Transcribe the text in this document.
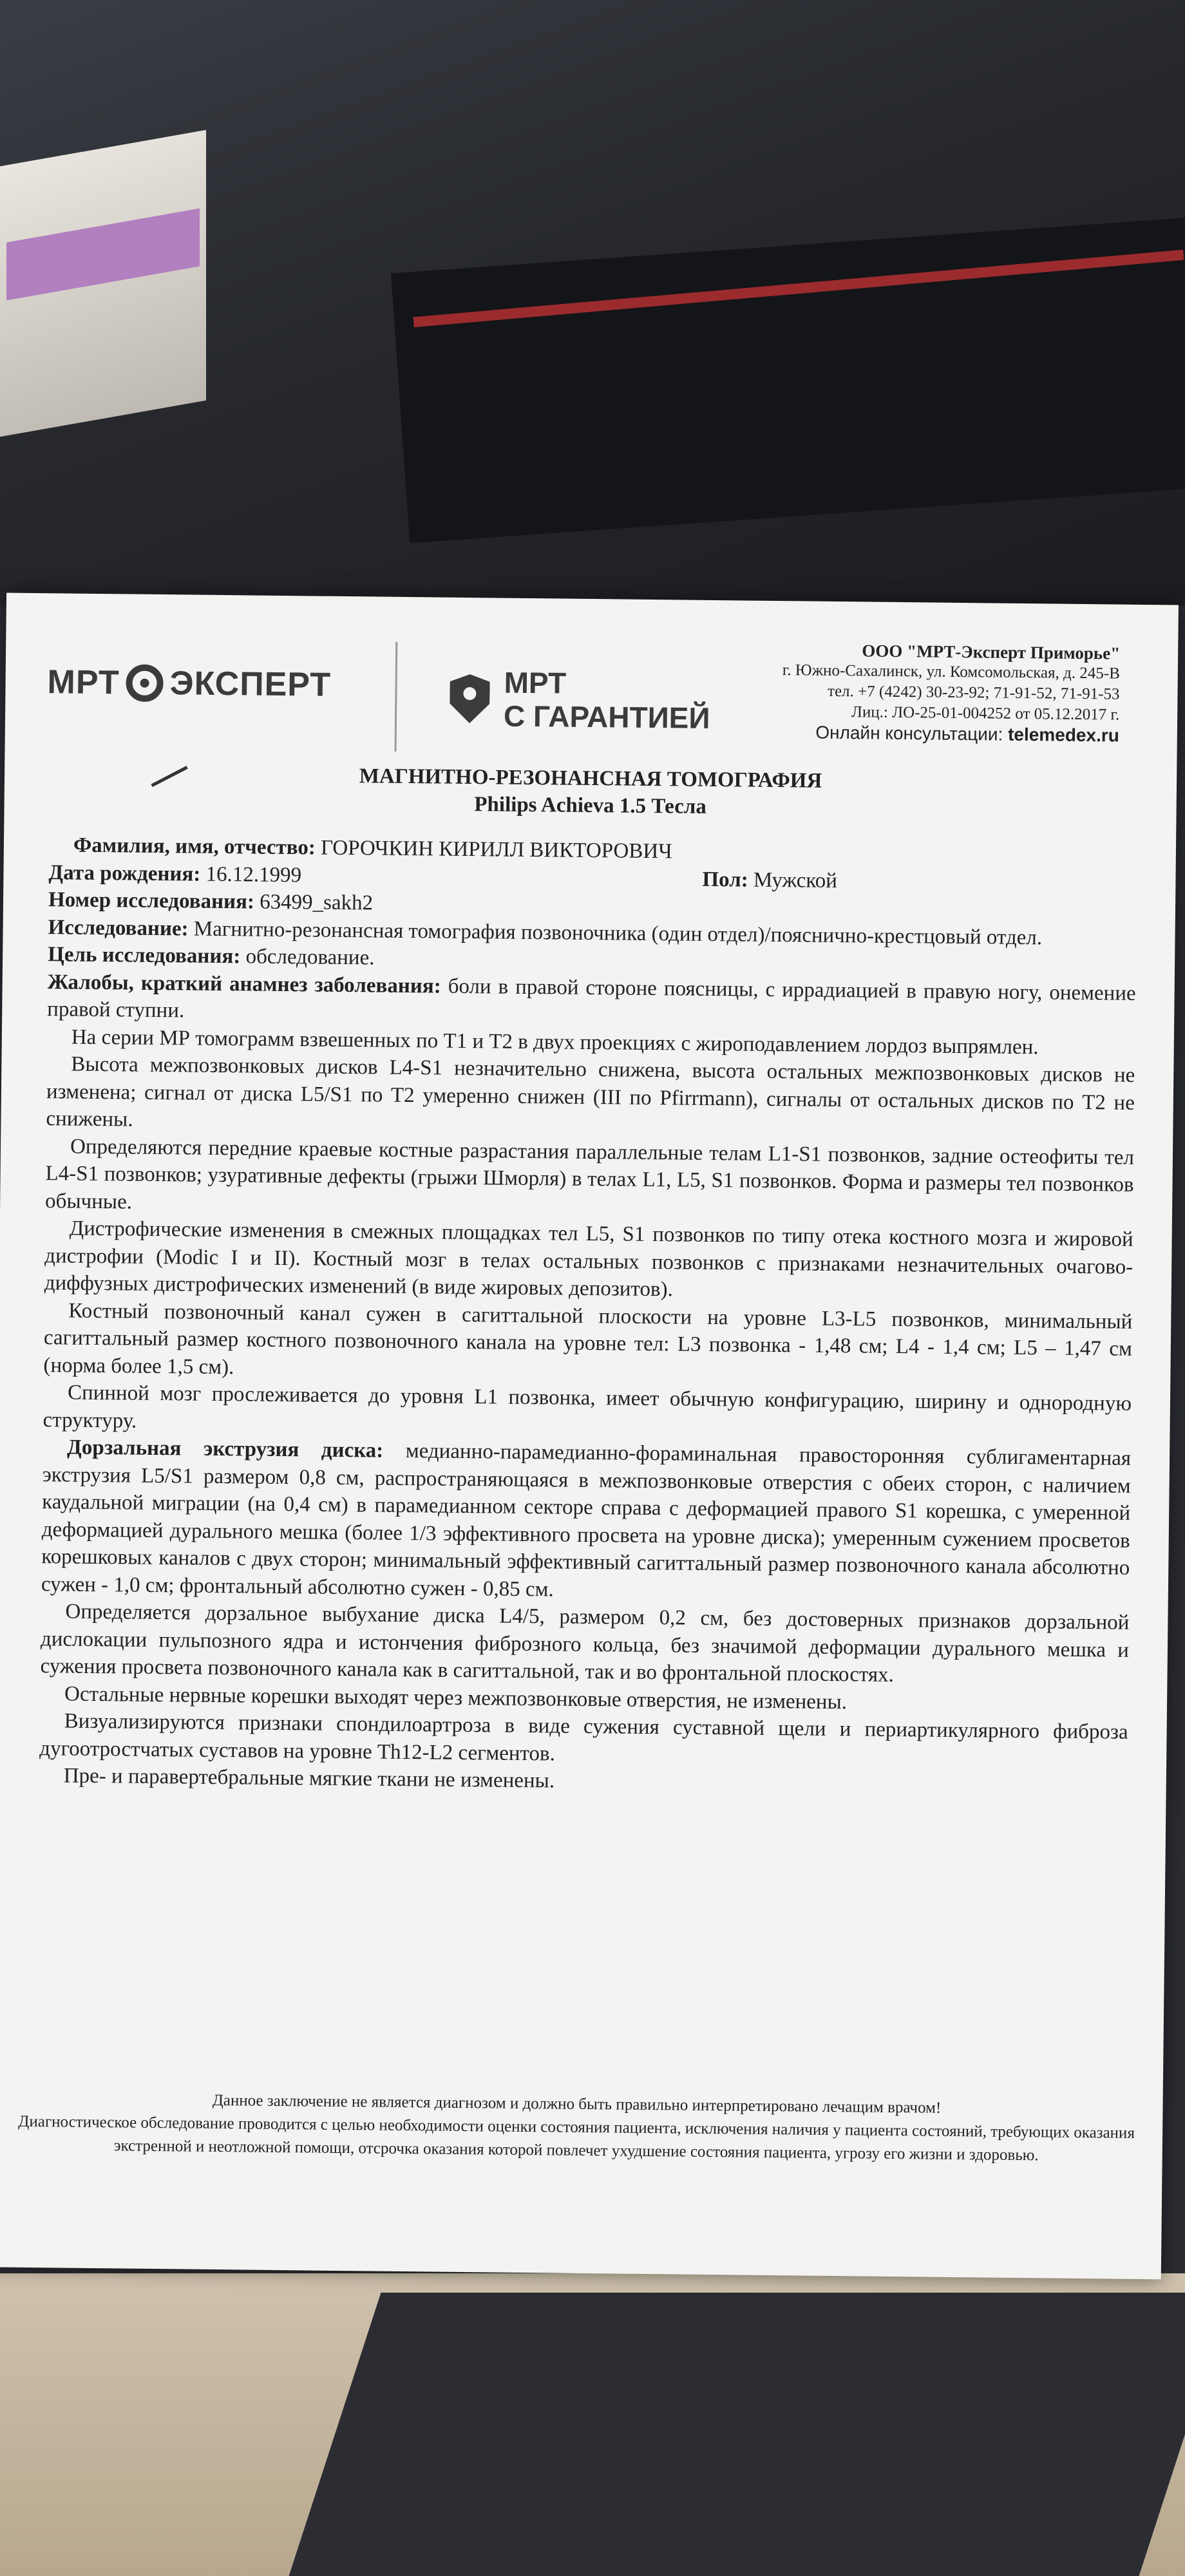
МРТ ЭКСПЕРТ	МРТ
С ГАРАНТИЕЙ
ООО "МРТ-Эксперт Приморье"
г. Южно-Сахалинск, ул. Комсомольская, д. 245-В
тел. +7 (4242) 30-23-92; 71-91-52, 71-91-53
Лиц.: ЛО-25-01-004252 от 05.12.2017 г.
Онлайн консультации: telemedex.ru
МАГНИТНО-РЕЗОНАНСНАЯ ТОМОГРАФИЯ
Philips Achieva 1.5 Тесла

Фамилия, имя, отчество: ГОРОЧКИН КИРИЛЛ ВИКТОРОВИЧ

Дата рождения: 16.12.1999	Пол: Мужской

Номер исследования: 63499_sakh2

Исследование: Магнитно-резонансная томография позвоночника (один отдел)/пояснично-крестцовый отдел.

Цель исследования: обследование.

Жалобы, краткий анамнез заболевания: боли в правой стороне поясницы, с иррадиацией в правую ногу, онемение правой ступни.

На серии МР томограмм взвешенных по Т1 и Т2 в двух проекциях с жироподавлением лордоз выпрямлен.

Высота межпозвонковых дисков L4-S1 незначительно снижена, высота остальных межпозвонковых дисков не изменена; сигнал от диска L5/S1 по Т2 умеренно снижен (III по Pfirrmann), сигналы от остальных дисков по Т2 не снижены.

Определяются передние краевые костные разрастания параллельные телам L1-S1 позвонков, задние остеофиты тел L4-S1 позвонков; узуративные дефекты (грыжи Шморля) в телах L1, L5, S1 позвонков. Форма и размеры тел позвонков обычные.

Дистрофические изменения в смежных площадках тел L5, S1 позвонков по типу отека костного мозга и жировой дистрофии (Modic I и II). Костный мозг в телах остальных позвонков с признаками незначительных очагово-диффузных дистрофических изменений (в виде жировых депозитов).

Костный позвоночный канал сужен в сагиттальной плоскости на уровне L3-L5 позвонков, минимальный сагиттальный размер костного позвоночного канала на уровне тел: L3 позвонка - 1,48 см; L4 - 1,4 см; L5 – 1,47 см (норма более 1,5 см).

Спинной мозг прослеживается до уровня L1 позвонка, имеет обычную конфигурацию, ширину и однородную структуру.

Дорзальная экструзия диска: медианно-парамедианно-фораминальная правосторонняя сублигаментарная экструзия L5/S1 размером 0,8 см, распространяющаяся в межпозвонковые отверстия с обеих сторон, с наличием каудальной миграции (на 0,4 см) в парамедианном секторе справа с деформацией правого S1 корешка, с умеренной деформацией дурального мешка (более 1/3 эффективного просвета на уровне диска); умеренным сужением просветов корешковых каналов с двух сторон; минимальный эффективный сагиттальный размер позвоночного канала абсолютно сужен - 1,0 см; фронтальный абсолютно сужен - 0,85 см.

Определяется дорзальное выбухание диска L4/5, размером 0,2 см, без достоверных признаков дорзальной дислокации пульпозного ядра и истончения фиброзного кольца, без значимой деформации дурального мешка и сужения просвета позвоночного канала как в сагиттальной, так и во фронтальной плоскостях.

Остальные нервные корешки выходят через межпозвонковые отверстия, не изменены.

Визуализируются признаки спондилоартроза в виде сужения суставной щели и периартикулярного фиброза дугоотростчатых суставов на уровне Th12-L2 сегментов.

Пре- и паравертебральные мягкие ткани не изменены.

Данное заключение не является диагнозом и должно быть правильно интерпретировано лечащим врачом!
Диагностическое обследование проводится с целью необходимости оценки состояния пациента, исключения наличия у пациента состояний, требующих оказания экстренной и неотложной помощи, отсрочка оказания которой повлечет ухудшение состояния пациента, угрозу его жизни и здоровью.
